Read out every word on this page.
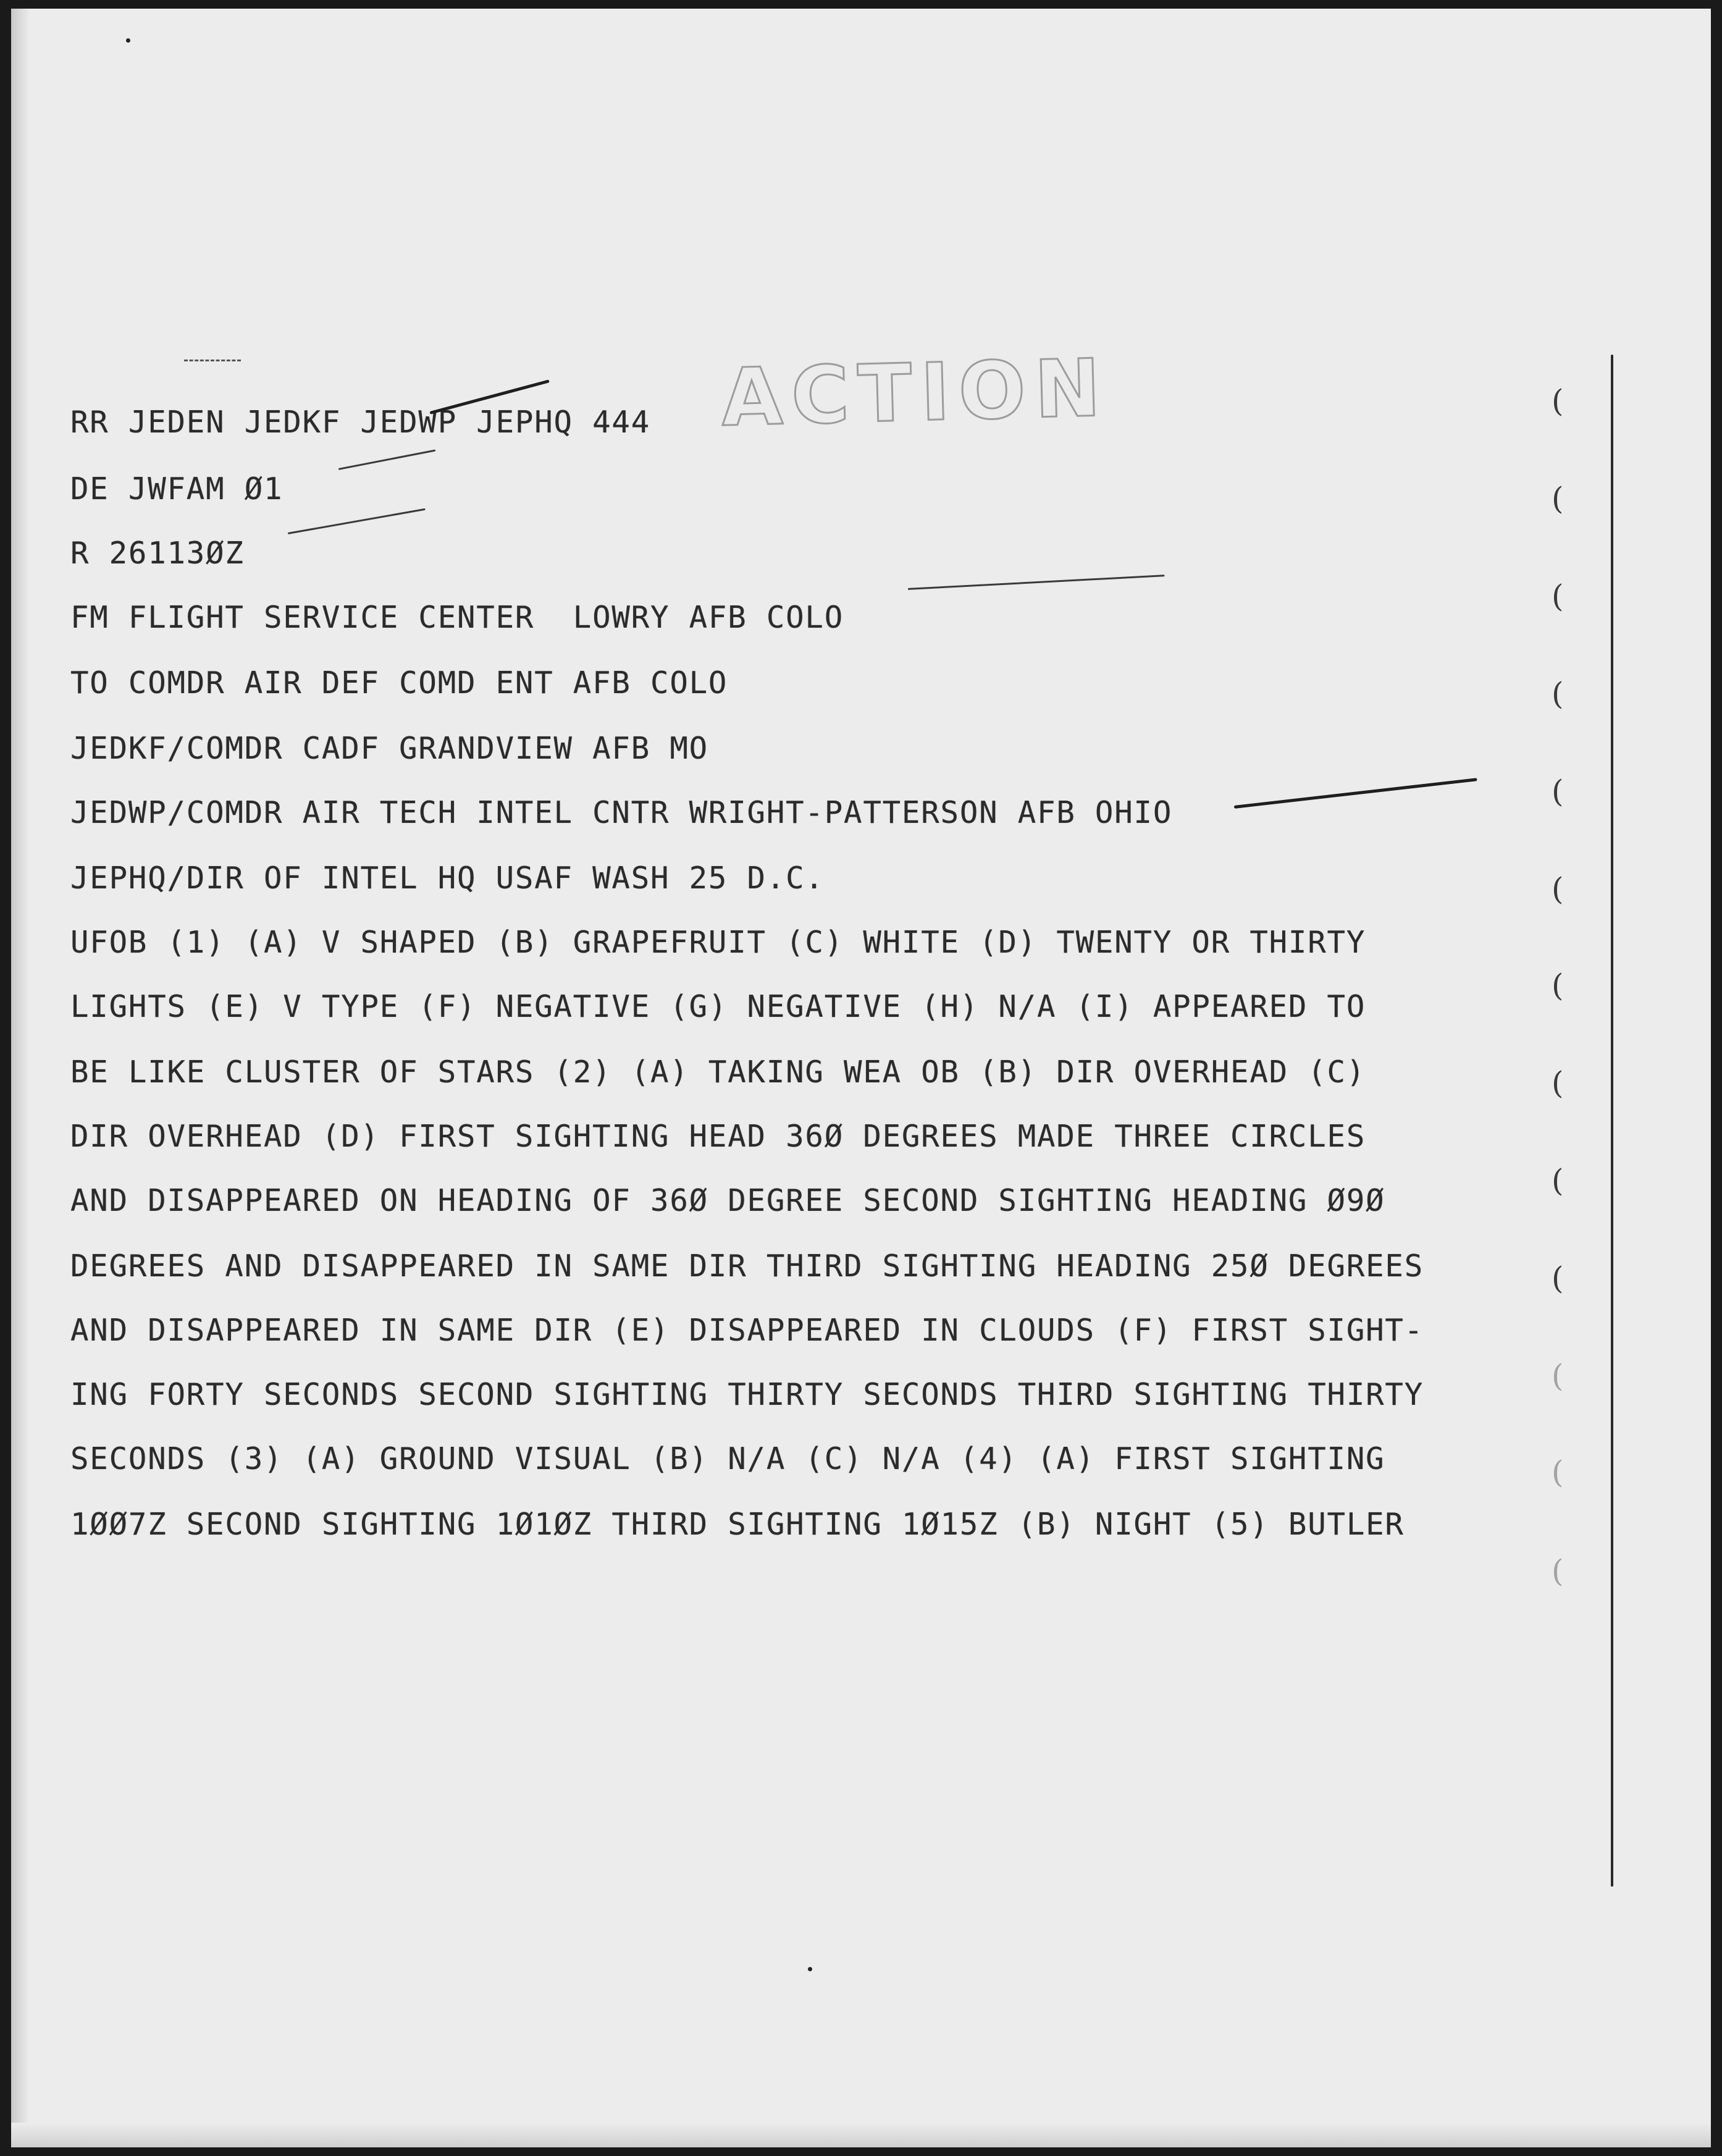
ACTION

RR JEDEN JEDKF JEDWP JEPHQ 444

DE JWFAM Ø1

R 26113ØZ

FM FLIGHT SERVICE CENTER  LOWRY AFB COLO

TO COMDR AIR DEF COMD ENT AFB COLO

JEDKF/COMDR CADF GRANDVIEW AFB MO

JEDWP/COMDR AIR TECH INTEL CNTR WRIGHT-PATTERSON AFB OHIO

JEPHQ/DIR OF INTEL HQ USAF WASH 25 D.C.

UFOB (1) (A) V SHAPED (B) GRAPEFRUIT (C) WHITE (D) TWENTY OR THIRTY

LIGHTS (E) V TYPE (F) NEGATIVE (G) NEGATIVE (H) N/A (I) APPEARED TO

BE LIKE CLUSTER OF STARS (2) (A) TAKING WEA OB (B) DIR OVERHEAD (C)

DIR OVERHEAD (D) FIRST SIGHTING HEAD 36Ø DEGREES MADE THREE CIRCLES

AND DISAPPEARED ON HEADING OF 36Ø DEGREE SECOND SIGHTING HEADING Ø9Ø

DEGREES AND DISAPPEARED IN SAME DIR THIRD SIGHTING HEADING 25Ø DEGREES

AND DISAPPEARED IN SAME DIR (E) DISAPPEARED IN CLOUDS (F) FIRST SIGHT-

ING FORTY SECONDS SECOND SIGHTING THIRTY SECONDS THIRD SIGHTING THIRTY

SECONDS (3) (A) GROUND VISUAL (B) N/A (C) N/A (4) (A) FIRST SIGHTING

1ØØ7Z SECOND SIGHTING 1Ø1ØZ THIRD SIGHTING 1Ø15Z (B) NIGHT (5) BUTLER

(
(
(
(
(
(
(
(
(
(
(
(
(
